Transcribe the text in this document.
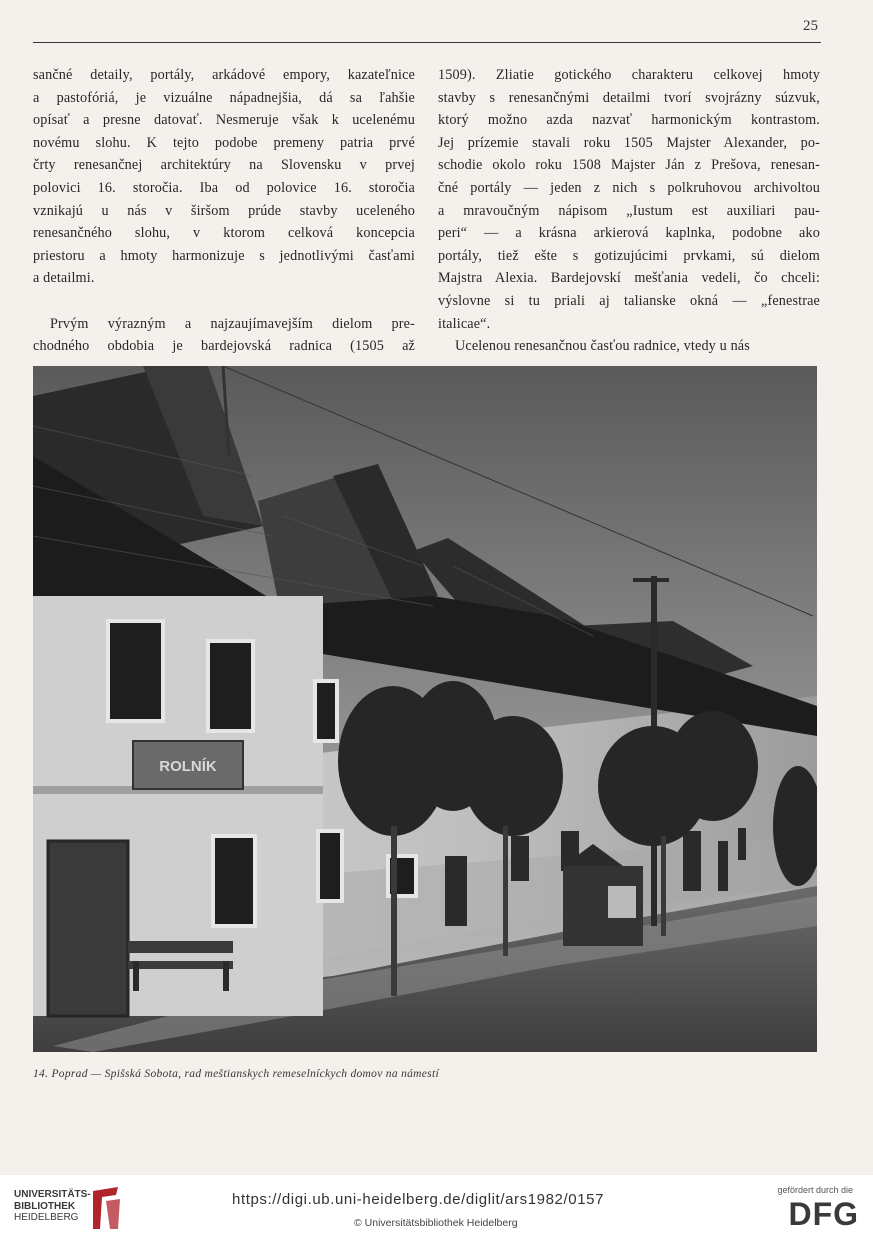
25

sančné detaily, portály, arkádové empory, kazateľnice

a pastofóriá, je vizuálne nápadnejšia, dá sa ľahšie

opísať a presne datovať. Nesmeruje však k ucelenému

novému slohu. K tejto podobe premeny patria prvé

črty renesančnej architektúry na Slovensku v prvej

polovici 16. storočia. Iba od polovice 16. storočia

vznikajú u nás v širšom prúde stavby uceleného

renesančného slohu, v ktorom celková koncepcia

priestoru a hmoty harmonizuje s jednotlivými časťami

a detailmi.

Prvým výrazným a najzaujímavejším dielom pre-

chodného obdobia je bardejovská radnica (1505 až

1509). Zliatie gotického charakteru celkovej hmoty

stavby s renesančnými detailmi tvorí svojrázny súzvuk,

ktorý možno azda nazvať harmonickým kontrastom.

Jej prízemie stavali roku 1505 Majster Alexander, po-

schodie okolo roku 1508 Majster Ján z Prešova, renesan-

čné portály — jeden z nich s polkruhovou archivoltou

a mravoučným nápisom „Iustum est auxiliari pau-

peri“ — a krásna arkierová kaplnka, podobne ako

portály, tiež ešte s gotizujúcimi prvkami, sú dielom

Majstra Alexia. Bardejovskí mešťania vedeli, čo chceli:

výslovne si tu priali aj talianske okná — „fenestrae

italicae“.

Ucelenou renesančnou časťou radnice, vtedy u nás

ROLNÍK
14. Poprad — Spišská Sobota, rad meštianskych remeselníckych domov na námestí
UNIVERSITÄTS-
BIBLIOTHEK
HEIDELBERG
https://digi.ub.uni-heidelberg.de/diglit/ars1982/0157
© Universitätsbibliothek Heidelberg
gefördert durch die
DFG
